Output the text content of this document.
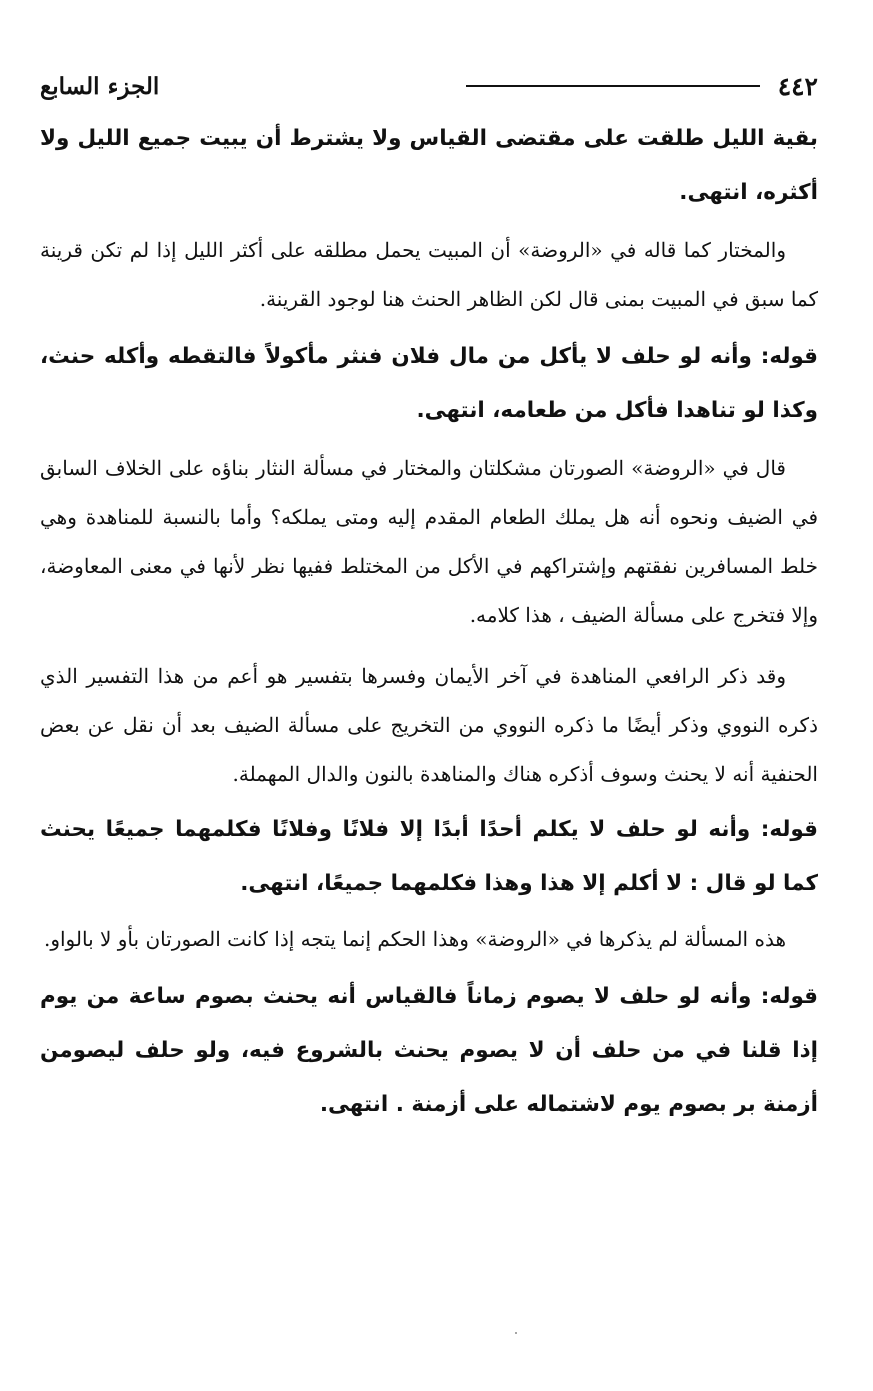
٤٤٢
الجزء السابع

بقية الليل طلقت على مقتضى القياس ولا يشترط أن يبيت جميع الليل ولا أكثره، انتهى.

والمختار كما قاله في «الروضة» أن المبيت يحمل مطلقه على أكثر الليل إذا لم تكن قرينة كما سبق في المبيت بمنى قال لكن الظاهر الحنث هنا لوجود القرينة.

قوله: وأنه لو حلف لا يأكل من مال فلان فنثر مأكولاً فالتقطه وأكله حنث، وكذا لو تناهدا فأكل من طعامه، انتهى.

قال في «الروضة» الصورتان مشكلتان والمختار في مسألة النثار بناؤه على الخلاف السابق في الضيف ونحوه أنه هل يملك الطعام المقدم إليه ومتى يملكه؟ وأما بالنسبة للمناهدة وهي خلط المسافرين نفقتهم وإشتراكهم في الأكل من المختلط ففيها نظر لأنها في معنى المعاوضة، وإلا فتخرج على مسألة الضيف ، هذا كلامه.

وقد ذكر الرافعي المناهدة في آخر الأيمان وفسرها بتفسير هو أعم من هذا التفسير الذي ذكره النووي وذكر أيضًا ما ذكره النووي من التخريج على مسألة الضيف بعد أن نقل عن بعض الحنفية أنه لا يحنث وسوف أذكره هناك والمناهدة بالنون والدال المهملة.

قوله: وأنه لو حلف لا يكلم أحدًا أبدًا إلا فلانًا وفلانًا فكلمهما جميعًا يحنث كما لو قال : لا أكلم إلا هذا وهذا فكلمهما جميعًا، انتهى.

هذه المسألة لم يذكرها في «الروضة» وهذا الحكم إنما يتجه إذا كانت الصورتان بأو لا بالواو.

قوله: وأنه لو حلف لا يصوم زماناً فالقياس أنه يحنث بصوم ساعة من يوم إذا قلنا في من حلف أن لا يصوم يحنث بالشروع فيه، ولو حلف ليصومن أزمنة بر بصوم يوم لاشتماله على أزمنة . انتهى.
